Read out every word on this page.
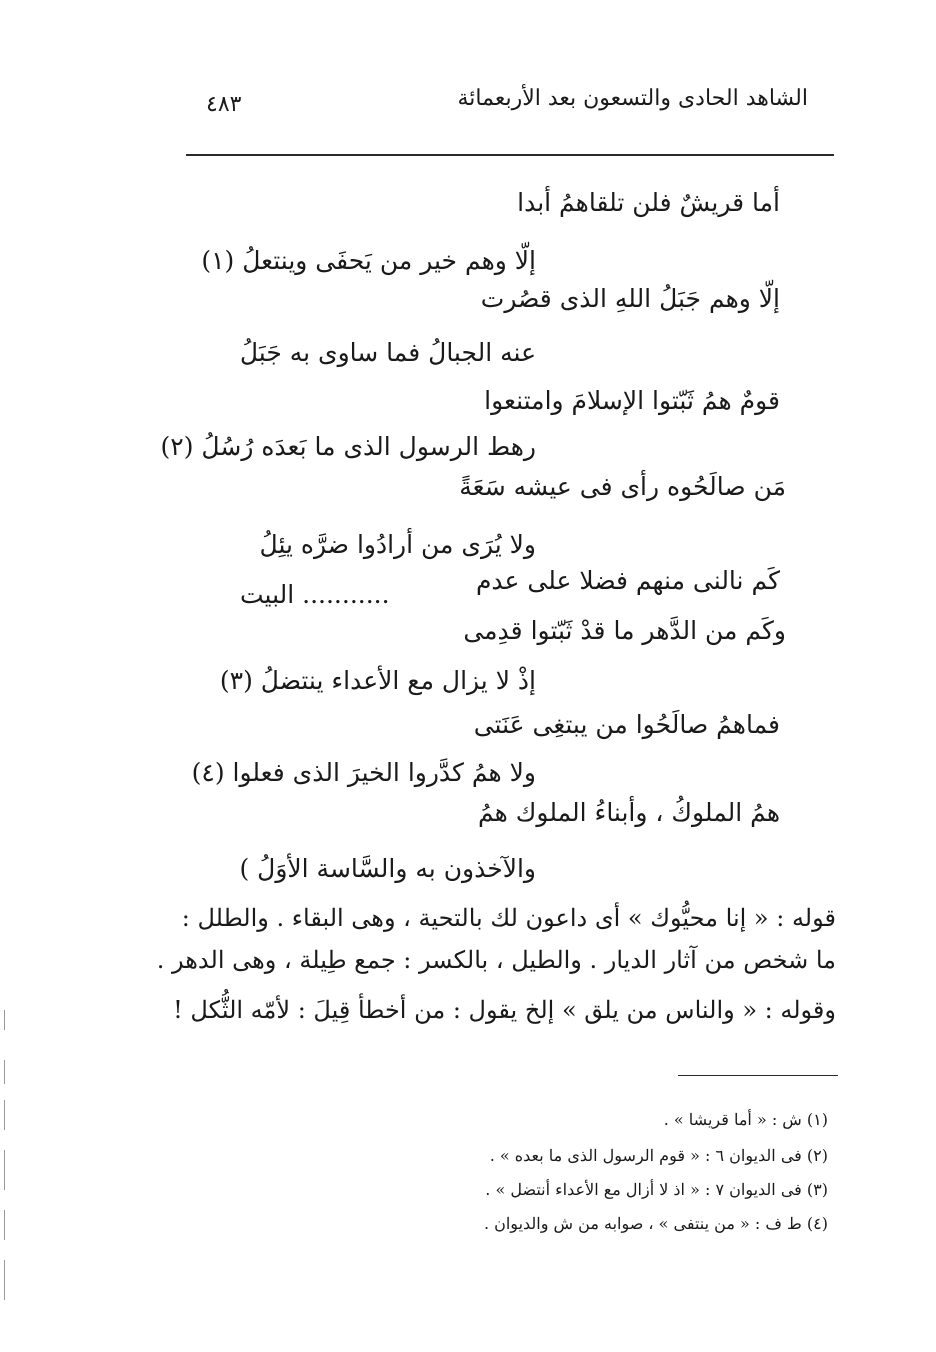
الشاهد الحادى والتسعون بعد الأربعمائة
٤٨٣
أما قريشٌ فلن تلقاهمُ أبدا
إلّا وهم خير من يَحفَى وينتعلُ (١)
إلّا وهم جَبَلُ اللهِ الذى قصُرت
عنه الجبالُ فما ساوى به جَبَلُ
قومٌ همُ ثَبّتوا الإسلامَ وامتنعوا
رهط الرسول الذى ما بَعدَه رُسُلُ (٢)
مَن صالَحُوه رأى فى عيشه سَعَةً
ولا يُرَى من أرادُوا ضرَّه يئِلُ
كَم نالنى منهم فضلا على عدم
........... البيت
وكَم من الدَّهر ما قدْ ثَبّتوا قدِمى
إذْ لا يزال مع الأعداء ينتضلُ (٣)
فماهمُ صالَحُوا من يبتغِى عَنَتى
ولا همُ كدَّروا الخيرَ الذى فعلوا (٤)
همُ الملوكُ ، وأبناءُ الملوك همُ
والآخذون به والسَّاسة الأوَلُ )
قوله : « إنا محيُّوك » أى داعون لك بالتحية ، وهى البقاء . والطلل :
ما شخص من آثار الديار . والطيل ، بالكسر : جمع طِيلة ، وهى الدهر .
وقوله : « والناس من يلق » إلخ يقول : من أخطأ قِيلَ : لأمّه الثُّكل !
(١) ش : « أما قريشا » .
(٢) فى الديوان ٦ : « قوم الرسول الذى ما بعده » .
(٣) فى الديوان ٧ : « اذ لا أزال مع الأعداء أنتضل » .
(٤) ط ف : « من ينتفى » ، صوابه من ش والديوان .
